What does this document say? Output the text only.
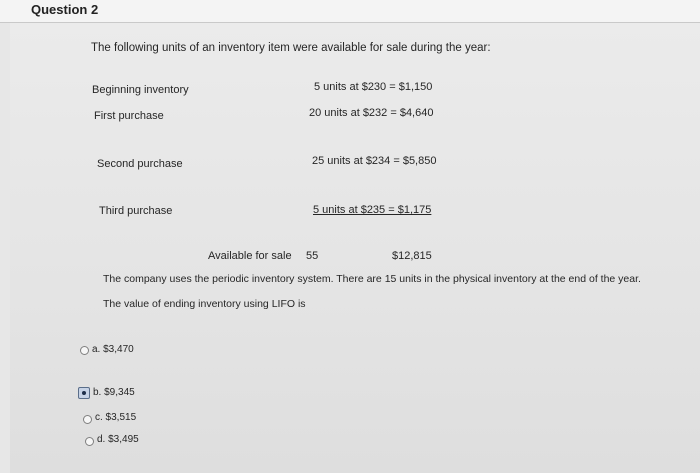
Question 2
The following units of an inventory item were available for sale during the year:
Beginning inventory	5 units at $230 = $1,150
First purchase	20 units at $232 = $4,640
Second purchase	25 units at $234 = $5,850
Third purchase	5 units at $235 = $1,175
Available for sale 55	$12,815
The company uses the periodic inventory system. There are 15 units in the physical inventory at the end of the year.
The value of ending inventory using LIFO is
a. $3,470
b. $9,345
c. $3,515
d. $3,495
